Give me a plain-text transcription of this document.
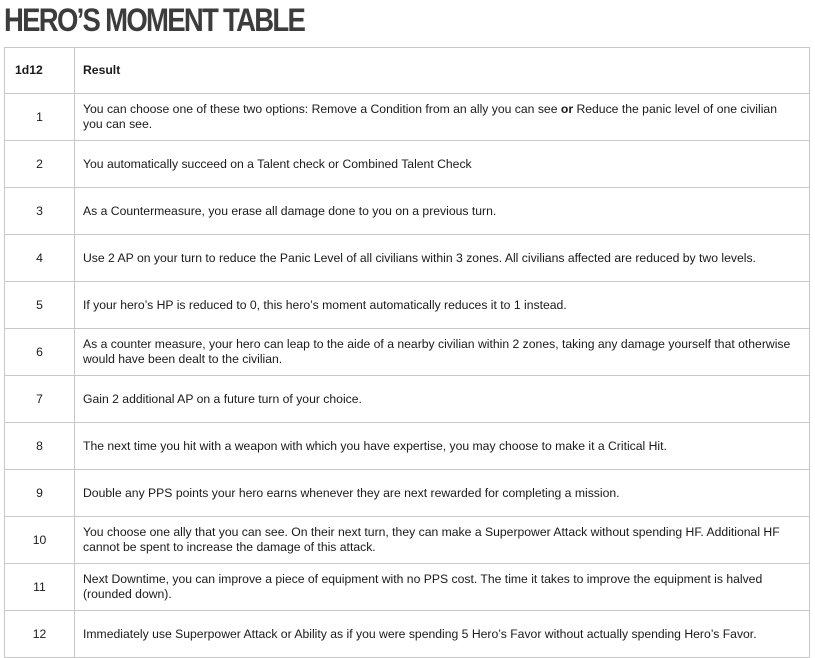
HERO’S MOMENT TABLE
1d12	Result
1	You can choose one of these two options: Remove a Condition from an ally you can see or Reduce the panic level of one civilian you can see.
2	You automatically succeed on a Talent check or Combined Talent Check
3	As a Countermeasure, you erase all damage done to you on a previous turn.
4	Use 2 AP on your turn to reduce the Panic Level of all civilians within 3 zones. All civilians affected are reduced by two levels.
5	If your hero’s HP is reduced to 0, this hero’s moment automatically reduces it to 1 instead.
6	As a counter measure, your hero can leap to the aide of a nearby civilian within 2 zones, taking any damage yourself that otherwise would have been dealt to the civilian.
7	Gain 2 additional AP on a future turn of your choice.
8	The next time you hit with a weapon with which you have expertise, you may choose to make it a Critical Hit.
9	Double any PPS points your hero earns whenever they are next rewarded for completing a mission.
10	You choose one ally that you can see. On their next turn, they can make a Superpower Attack without spending HF. Additional HF cannot be spent to increase the damage of this attack.
11	Next Downtime, you can improve a piece of equipment with no PPS cost. The time it takes to improve the equipment is halved (rounded down).
12	Immediately use Superpower Attack or Ability as if you were spending 5 Hero’s Favor without actually spending Hero’s Favor.
